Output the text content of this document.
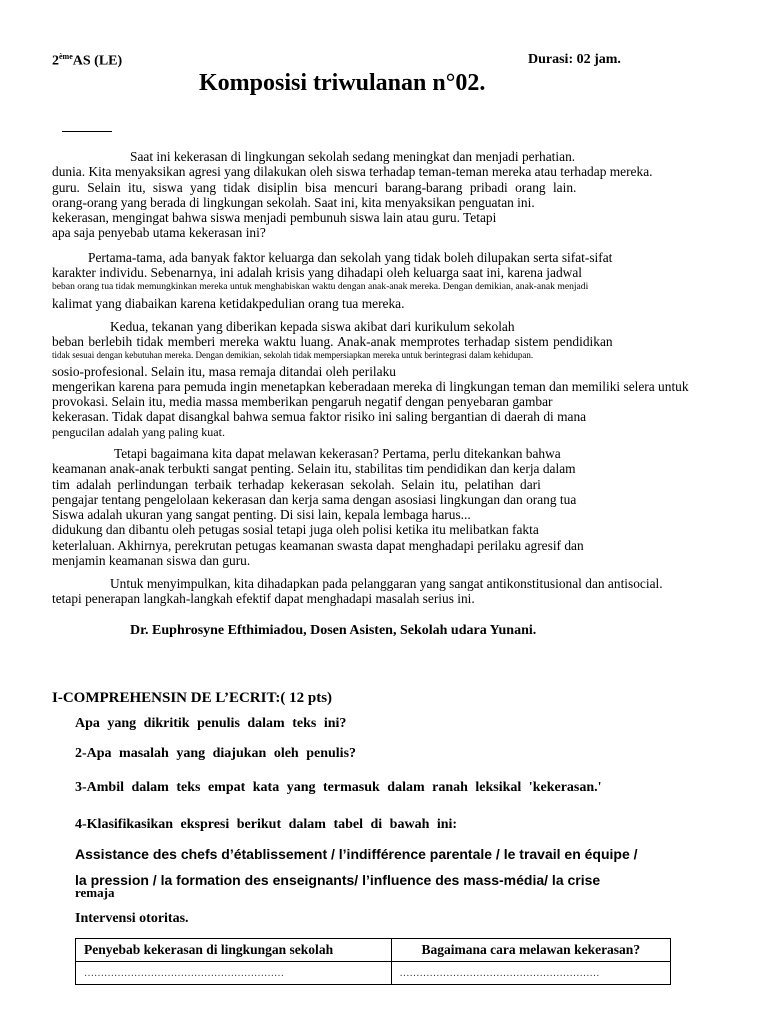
2èmeAS (LE)	Durasi: 02 jam.
Komposisi triwulanan n°02.
Saat ini kekerasan di lingkungan sekolah sedang meningkat dan menjadi perhatian.
dunia. Kita menyaksikan agresi yang dilakukan oleh siswa terhadap teman-teman mereka atau terhadap mereka.
guru. Selain itu, siswa yang tidak disiplin bisa mencuri barang-barang pribadi orang lain.
orang-orang yang berada di lingkungan sekolah. Saat ini, kita menyaksikan penguatan ini.
kekerasan, mengingat bahwa siswa menjadi pembunuh siswa lain atau guru. Tetapi
apa saja penyebab utama kekerasan ini?
Pertama-tama, ada banyak faktor keluarga dan sekolah yang tidak boleh dilupakan serta sifat-sifat
karakter individu. Sebenarnya, ini adalah krisis yang dihadapi oleh keluarga saat ini, karena jadwal
beban orang tua tidak memungkinkan mereka untuk menghabiskan waktu dengan anak-anak mereka. Dengan demikian, anak-anak menjadi
kalimat yang diabaikan karena ketidakpedulian orang tua mereka.
Kedua, tekanan yang diberikan kepada siswa akibat dari kurikulum sekolah
beban berlebih tidak memberi mereka waktu luang. Anak-anak memprotes terhadap sistem pendidikan
tidak sesuai dengan kebutuhan mereka. Dengan demikian, sekolah tidak mempersiapkan mereka untuk berintegrasi dalam kehidupan.
sosio-profesional. Selain itu, masa remaja ditandai oleh perilaku
mengerikan karena para pemuda ingin menetapkan keberadaan mereka di lingkungan teman dan memiliki selera untuk
provokasi. Selain itu, media massa memberikan pengaruh negatif dengan penyebaran gambar
kekerasan. Tidak dapat disangkal bahwa semua faktor risiko ini saling bergantian di daerah di mana
pengucilan adalah yang paling kuat.
Tetapi bagaimana kita dapat melawan kekerasan? Pertama, perlu ditekankan bahwa
keamanan anak-anak terbukti sangat penting. Selain itu, stabilitas tim pendidikan dan kerja dalam
tim adalah perlindungan terbaik terhadap kekerasan sekolah. Selain itu, pelatihan dari
pengajar tentang pengelolaan kekerasan dan kerja sama dengan asosiasi lingkungan dan orang tua
Siswa adalah ukuran yang sangat penting. Di sisi lain, kepala lembaga harus...
didukung dan dibantu oleh petugas sosial tetapi juga oleh polisi ketika itu melibatkan fakta
keterlaluan. Akhirnya, perekrutan petugas keamanan swasta dapat menghadapi perilaku agresif dan
menjamin keamanan siswa dan guru.
Untuk menyimpulkan, kita dihadapkan pada pelanggaran yang sangat antikonstitusional dan antisocial.
tetapi penerapan langkah-langkah efektif dapat menghadapi masalah serius ini.
Dr. Euphrosyne Efthimiadou, Dosen Asisten, Sekolah udara Yunani.
I-COMPREHENSIN DE L’ECRIT:( 12 pts)
Apa yang dikritik penulis dalam teks ini?
2-Apa masalah yang diajukan oleh penulis?
3-Ambil dalam teks empat kata yang termasuk dalam ranah leksikal 'kekerasan.'
4-Klasifikasikan ekspresi berikut dalam tabel di bawah ini:
Assistance des chefs d’établissement / l’indifférence parentale / le travail en équipe /
la pression / la formation des enseignants/ l’influence des mass-média/ la crise
remaja
Intervensi otoritas.
Penyebab kekerasan di lingkungan sekolah	Bagaimana cara melawan kekerasan?
……………………………………………………	……………………………………………………
